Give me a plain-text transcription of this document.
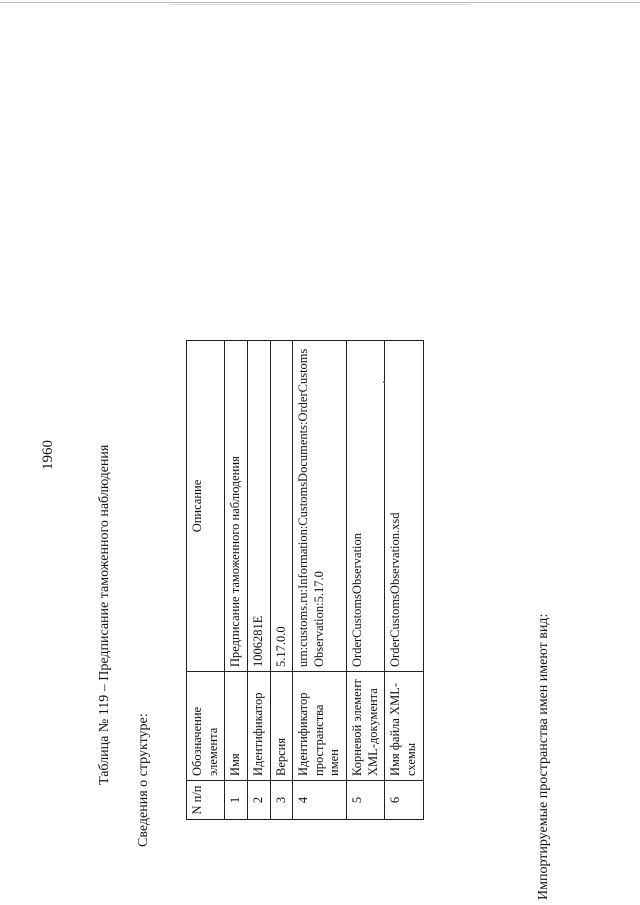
1960	Таблица № 119 – Предписание таможенного наблюдения Сведения о структуре:	N п/п	Обозначение элемента	Описание
1	Имя	Предписание таможенного наблюдения
2	Идентификатор	1006281E
3	Версия	5.17.0.0
4	Идентификатор пространства имен	urn:customs.ru:Information:CustomsDocuments:OrderCustomsObservation:5.17.0
5	Корневой элемент XML-документа	OrderCustomsObservation
6	Имя файла XML-схемы	OrderCustomsObservation.xsd
Импортируемые пространства имен имеют вид:
